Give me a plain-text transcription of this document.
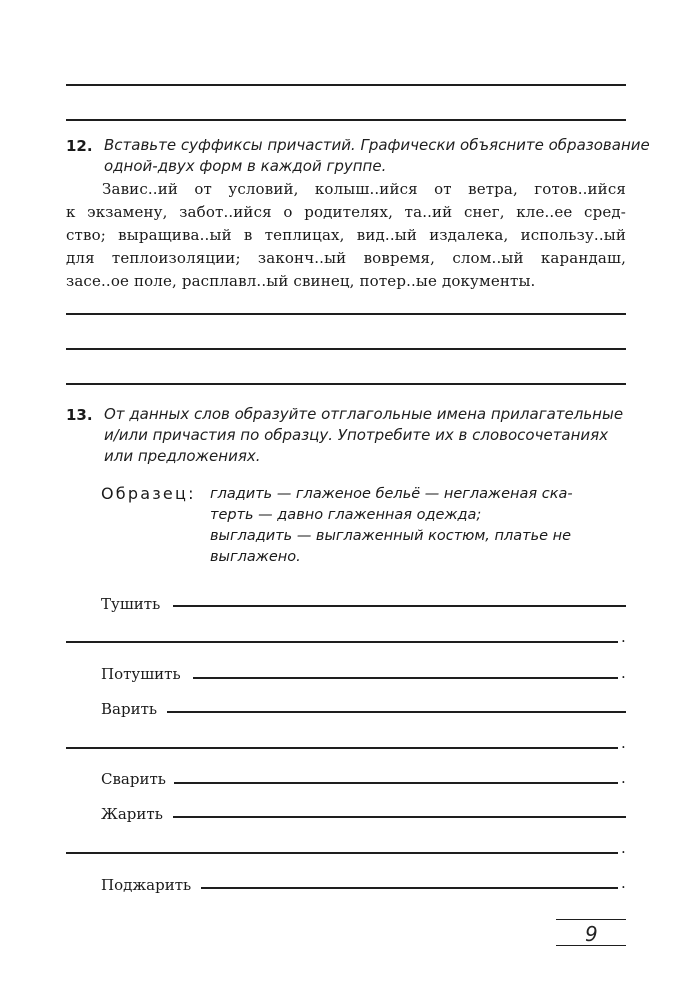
12. Вставьте суффиксы причастий. Графически объясните образование
одной-двух форм в каждой группе.
Завис..ий от условий, колыш..ийся от ветра, готов..ийся
к экзамену, забот..ийся о родителях, та..ий снег, кле..ее сред-
ство; выращива..ый в теплицах, вид..ый издалека, использу..ый
для теплоизоляции; законч..ый вовремя, слом..ый карандаш,
засе..ое поле, расплавл..ый свинец, потер..ые документы.
13. От данных слов образуйте отглагольные имена прилагательные
и/или причастия по образцу. Употребите их в словосочетаниях
или предложениях.
Образец: гладить — глаженое бельё — неглаженая ска-
терть — давно глаженная одежда;
выгладить — выглаженный костюм, платье не
выглажено.
Тушить
.
Потушить	.
Варить
.
Сварить	.
Жарить
.
Поджарить	.
9
